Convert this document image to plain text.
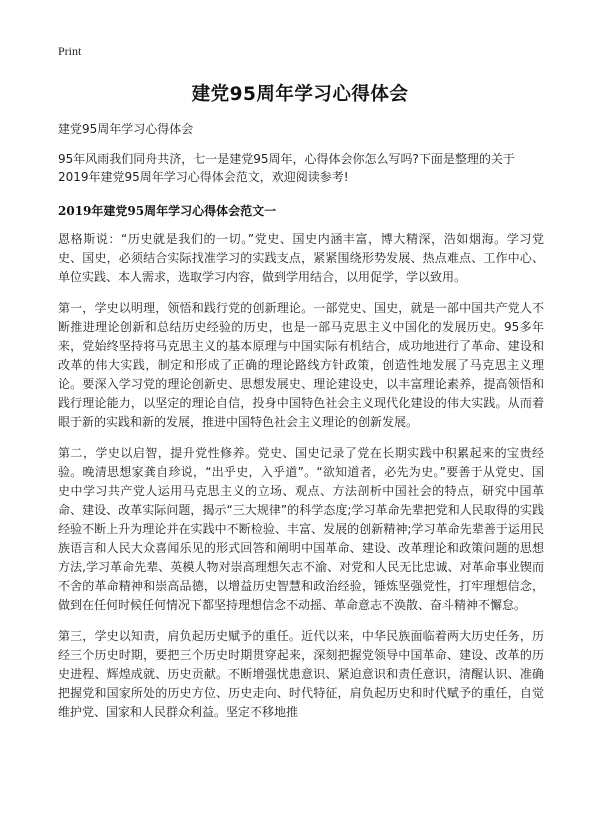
Print
建党95周年学习心得体会
建党95周年学习心得体会

95年风雨我们同舟共济，七一是建党95周年，心得体会你怎么写吗?下面是整理的关于2019年建党95周年学习心得体会范文，欢迎阅读参考!

2019年建党95周年学习心得体会范文一

恩格斯说：“历史就是我们的一切。”党史、国史内涵丰富，博大精深，浩如烟海。学习党史、国史，必须结合实际找准学习的实践支点，紧紧围绕形势发展、热点难点、工作中心、单位实践、本人需求，选取学习内容，做到学用结合，以用促学，学以致用。

第一，学史以明理，领悟和践行党的创新理论。一部党史、国史，就是一部中国共产党人不断推进理论创新和总结历史经验的历史，也是一部马克思主义中国化的发展历史。95多年来，党始终坚持将马克思主义的基本原理与中国实际有机结合，成功地进行了革命、建设和改革的伟大实践，制定和形成了正确的理论路线方针政策，创造性地发展了马克思主义理论。要深入学习党的理论创新史、思想发展史、理论建设史，以丰富理论素养，提高领悟和践行理论能力，以坚定的理论自信，投身中国特色社会主义现代化建设的伟大实践。从而着眼于新的实践和新的发展，推进中国特色社会主义理论的创新发展。

第二，学史以启智，提升党性修养。党史、国史记录了党在长期实践中积累起来的宝贵经验。晚清思想家龚自珍说，“出乎史，入乎道”。“欲知道者，必先为史。”要善于从党史、国史中学习共产党人运用马克思主义的立场、观点、方法剖析中国社会的特点，研究中国革命、建设、改革实际问题，揭示“三大规律”的科学态度;学习革命先辈把党和人民取得的实践经验不断上升为理论并在实践中不断检验、丰富、发展的创新精神;学习革命先辈善于运用民族语言和人民大众喜闻乐见的形式回答和阐明中国革命、建设、改革理论和政策问题的思想方法,学习革命先辈、英模人物对崇高理想矢志不渝、对党和人民无比忠诚、对革命事业锲而不舍的革命精神和崇高品德，以增益历史智慧和政治经验，锤炼坚强党性，打牢理想信念，做到在任何时候任何情况下都坚持理想信念不动摇、革命意志不涣散、奋斗精神不懈怠。

第三，学史以知责，肩负起历史赋予的重任。近代以来，中华民族面临着两大历史任务，历经三个历史时期，要把三个历史时期贯穿起来，深刻把握党领导中国革命、建设、改革的历史进程、辉煌成就、历史贡献。不断增强忧患意识、紧迫意识和责任意识，清醒认识、准确把握党和国家所处的历史方位、历史走向、时代特征，肩负起历史和时代赋予的重任，自觉维护党、国家和人民群众利益。坚定不移地推
